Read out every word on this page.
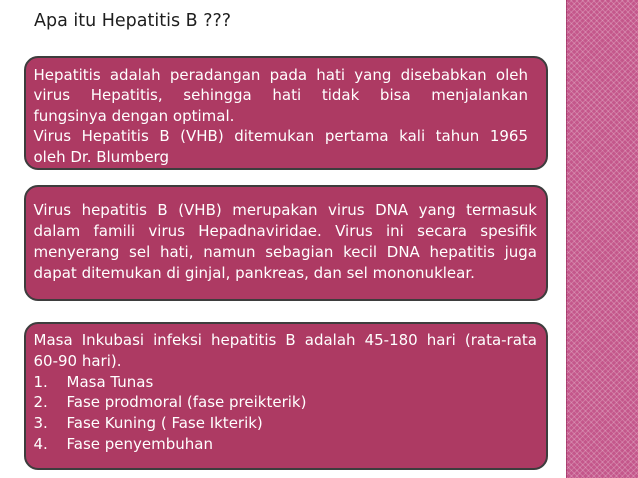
Apa itu Hepatitis B ???
Hepatitis adalah peradangan pada hati yang disebabkan oleh
virus Hepatitis, sehingga hati tidak bisa menjalankan
fungsinya dengan optimal.
Virus Hepatitis B (VHB) ditemukan pertama kali tahun 1965
oleh Dr. Blumberg
Virus hepatitis B (VHB) merupakan virus DNA yang termasuk
dalam famili virus Hepadnaviridae. Virus ini secara spesifik
menyerang sel hati, namun sebagian kecil DNA hepatitis juga
dapat ditemukan di ginjal, pankreas, dan sel mononuklear.
Masa Inkubasi infeksi hepatitis B adalah 45-180 hari (rata-rata
60-90 hari).
1.	Masa Tunas
2.	Fase prodmoral (fase preikterik)
3.	Fase Kuning ( Fase Ikterik)
4.	Fase penyembuhan
